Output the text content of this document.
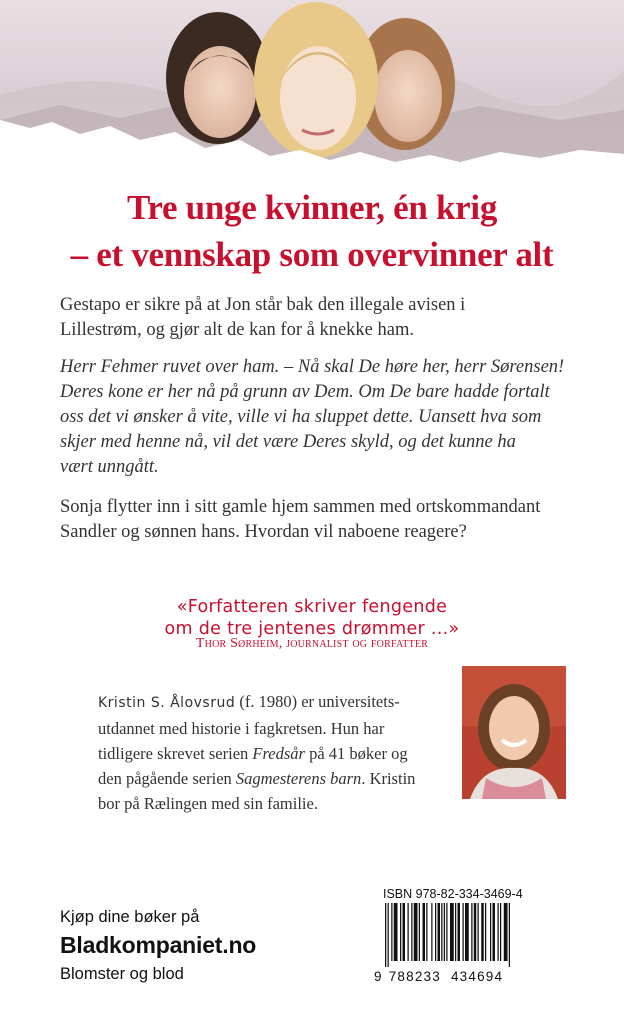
Tre unge kvinner, én krig
– et vennskap som overvinner alt
Gestapo er sikre på at Jon står bak den illegale avisen i
Lillestrøm, og gjør alt de kan for å knekke ham.
Herr Fehmer ruvet over ham. – Nå skal De høre her, herr Sørensen!
Deres kone er her nå på grunn av Dem. Om De bare hadde fortalt
oss det vi ønsker å vite, ville vi ha sluppet dette. Uansett hva som
skjer med henne nå, vil det være Deres skyld, og det kunne ha
vært unngått.
Sonja flytter inn i sitt gamle hjem sammen med ortskommandant
Sandler og sønnen hans. Hvordan vil naboene reagere?
«Forfatteren skriver fengende
om de tre jentenes drømmer ...»
Thor Sørheim, journalist og forfatter
Kristin S. Ålovsrud (f. 1980) er universitets-
utdannet med historie i fagkretsen. Hun har
tidligere skrevet serien Fredsår på 41 bøker og
den pågående serien Sagmesterens barn. Kristin
bor på Rælingen med sin familie.
Kjøp dine bøker på
Bladkompaniet.no
Blomster og blod
ISBN 978-82-334-3469-4
9 788233 434694
